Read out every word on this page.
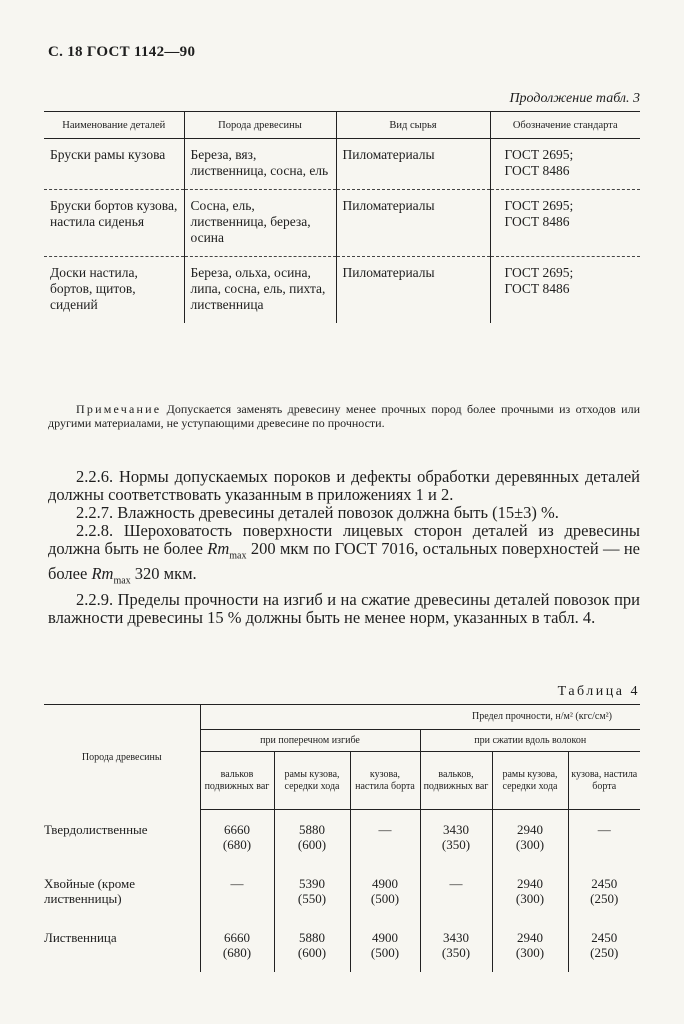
С. 18 ГОСТ 1142—90
Продолжение табл. 3
Наименование деталей	Порода древесины	Вид сырья	Обозначение стандарта
Бруски рамы кузова	Береза, вяз, лиственница, сосна, ель	Пиломатериалы	ГОСТ 2695;
ГОСТ 8486

Бруски бортов кузова, настила сиденья	Сосна, ель, лиственница, береза, осина	Пиломатериалы	ГОСТ 2695;
ГОСТ 8486

Доски настила, бортов, щитов, сидений	Береза, ольха, осина, липа, сосна, ель, пихта, лиственница	Пиломатериалы	ГОСТ 2695;
ГОСТ 8486
Примечание Допускается заменять древесину менее прочных пород более прочными из отходов или другими материалами, не уступающими древесине по прочности.

2.2.6. Нормы допускаемых пороков и дефекты обработки деревянных деталей должны соответствовать указанным в приложениях 1 и 2.

2.2.7. Влажность древесины деталей повозок должна быть (15±3) %.

2.2.8. Шероховатость поверхности лицевых сторон деталей из древесины должна быть не более $Rm_{max}$ 200 мкм по ГОСТ 7016, остальных поверхностей — не более $Rm_{max}$ 320 мкм.

2.2.9. Пределы прочности на изгиб и на сжатие древесины деталей повозок при влажности древесины 15 % должны быть не менее норм, указанных в табл. 4.

Таблица 4
Порода древесины	Предел прочности, н/м² (кгс/см²)					
	при поперечном изгибе			при сжатии вдоль волокон		
	вальков подвижных ваг	рамы кузова, середки хода	кузова, настила борта	вальков, подвижных ваг	рамы кузова, середки хода	кузова, настила борта
Твердолиственные	6660
(680)	5880
(600)	—	3430
(350)	2940
(300)	—

Хвойные (кроме лиственницы)	—	5390
(550)	4900
(500)	—	2940
(300)	2450
(250)

Лиственница	6660
(680)	5880
(600)	4900
(500)	3430
(350)	2940
(300)	2450
(250)
